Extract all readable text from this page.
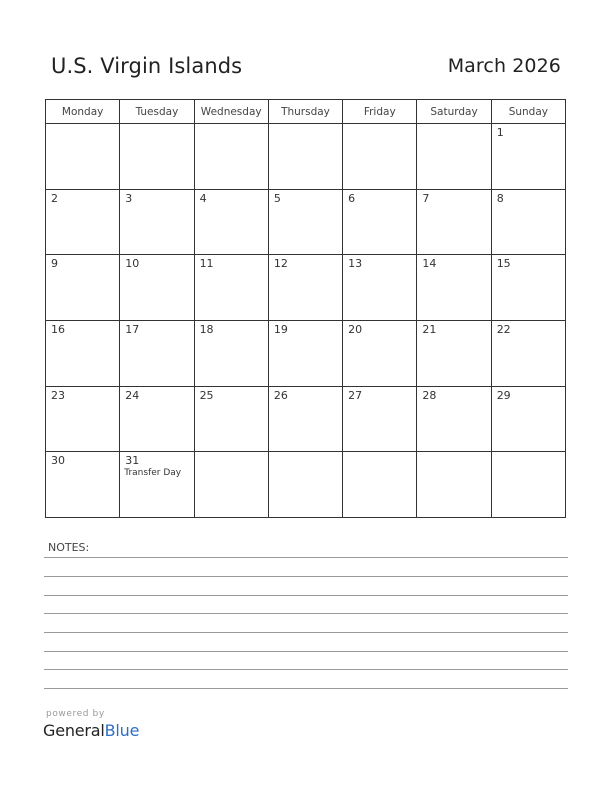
U.S. Virgin Islands	March 2026
Monday	Tuesday	Wednesday	Thursday	Friday	Saturday	Sunday

						1

2	3	4	5	6	7	8

9	10	11	12	13	14	15

16	17	18	19	20	21	22

23	24	25	26	27	28	29

30	31
Transfer Day					

NOTES:
powered by
GeneralBlue
